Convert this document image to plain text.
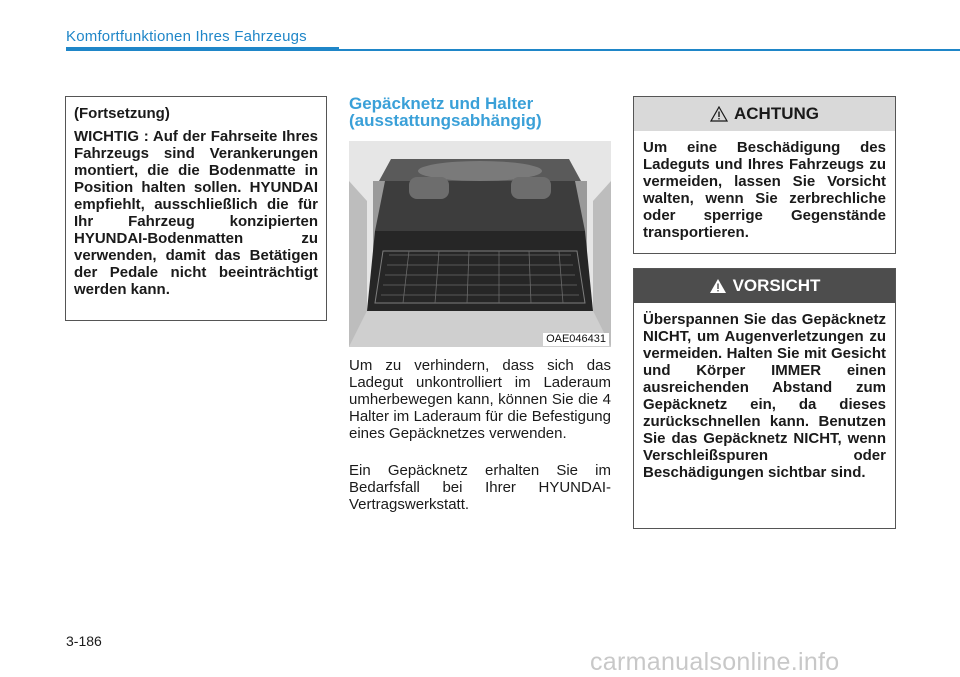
Komfortfunktionen Ihres Fahrzeugs
(Fortsetzung)

WICHTIG : Auf der Fahrseite Ihres Fahrzeugs sind Verankerungen montiert, die die Bodenmatte in Position halten sollen. HYUNDAI empfiehlt, ausschließlich die für Ihr Fahrzeug konzipierten HYUNDAI-Bodenmatten zu verwenden, damit das Betätigen der Pedale nicht beeinträchtigt werden kann.

Gepäcknetz und Halter
(ausstattungsabhängig)
OAE046431

Um zu verhindern, dass sich das Ladegut unkontrolliert im Laderaum umherbewegen kann, können Sie die 4 Halter im Laderaum für die Befestigung eines Gepäcknetzes verwenden.

Ein Gepäcknetz erhalten Sie im Bedarfsfall bei Ihrer HYUNDAI-Vertragswerkstatt.

ACHTUNG

Um eine Beschädigung des Ladeguts und Ihres Fahrzeugs zu vermeiden, lassen Sie Vorsicht walten, wenn Sie zerbrechliche oder sperrige Gegenstände transportieren.

VORSICHT

Überspannen Sie das Gepäcknetz NICHT, um Augenverletzungen zu vermeiden. Halten Sie mit Gesicht und Körper IMMER einen ausreichenden Abstand zum Gepäcknetz ein, da dieses zurückschnellen kann. Benutzen Sie das Gepäcknetz NICHT, wenn Verschleißspuren oder Beschädigungen sichtbar sind.

3-186
carmanualsonline.info
